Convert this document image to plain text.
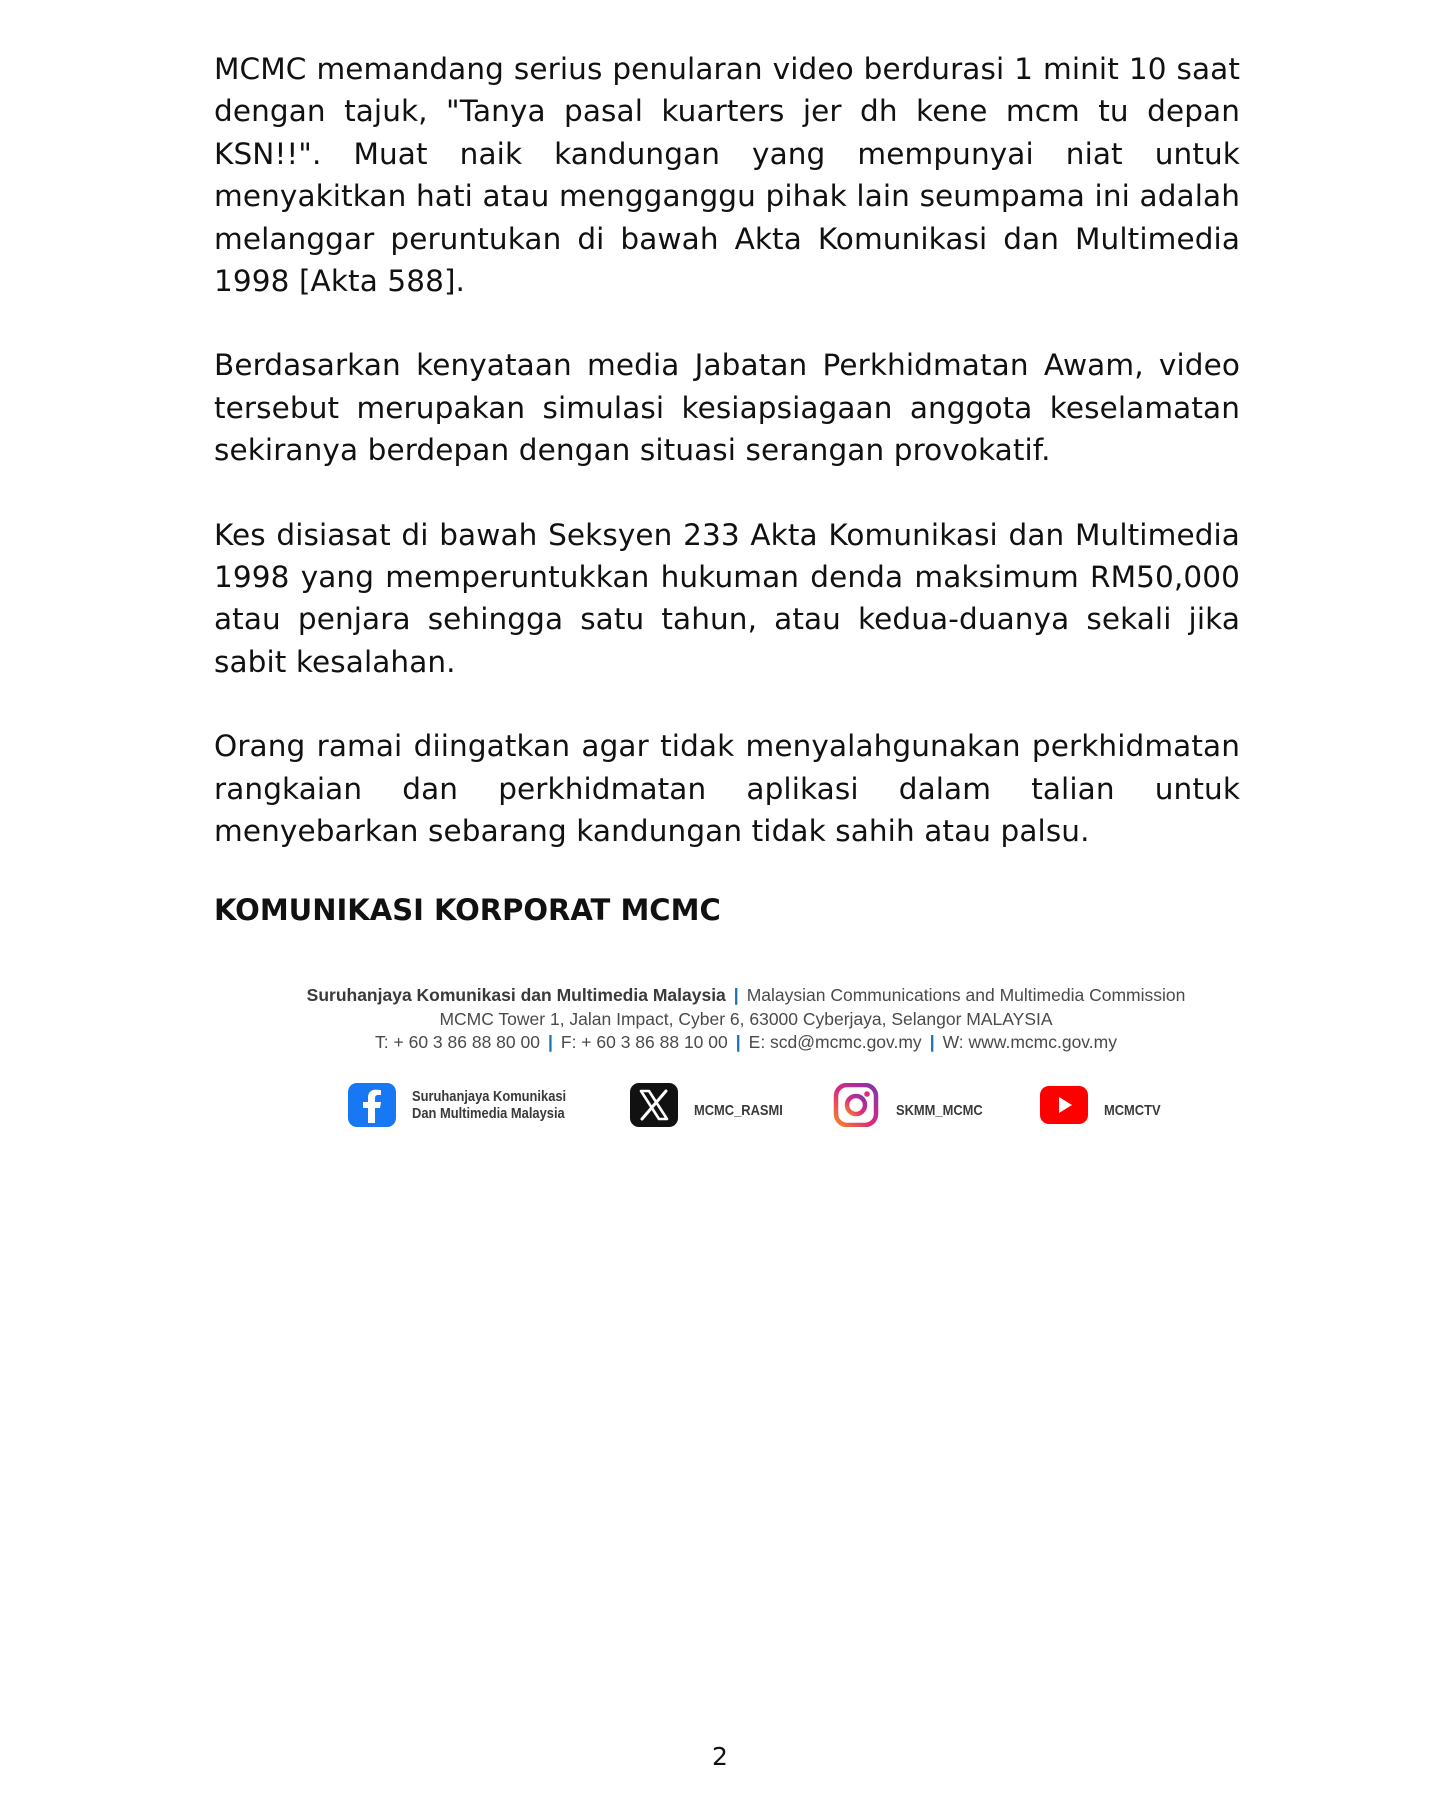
MCMC memandang serius penularan video berdurasi 1 minit 10 saat dengan tajuk, "Tanya pasal kuarters jer dh kene mcm tu depan KSN!!". Muat naik kandungan yang mempunyai niat untuk menyakitkan hati atau mengganggu pihak lain seumpama ini adalah melanggar peruntukan di bawah Akta Komunikasi dan Multimedia 1998 [Akta 588].

Berdasarkan kenyataan media Jabatan Perkhidmatan Awam, video tersebut merupakan simulasi kesiapsiagaan anggota keselamatan sekiranya berdepan dengan situasi serangan provokatif.

Kes disiasat di bawah Seksyen 233 Akta Komunikasi dan Multimedia 1998 yang memperuntukkan hukuman denda maksimum RM50,000 atau penjara sehingga satu tahun, atau kedua-duanya sekali jika sabit kesalahan.

Orang ramai diingatkan agar tidak menyalahgunakan perkhidmatan rangkaian dan perkhidmatan aplikasi dalam talian untuk menyebarkan sebarang kandungan tidak sahih atau palsu.

KOMUNIKASI KORPORAT MCMC

Suruhanjaya Komunikasi dan Multimedia Malaysia | Malaysian Communications and Multimedia Commission
MCMC Tower 1, Jalan Impact, Cyber 6, 63000 Cyberjaya, Selangor MALAYSIA
T: + 60 3 86 88 80 00 | F: + 60 3 86 88 10 00 | E: scd@mcmc.gov.my | W: www.mcmc.gov.my
Suruhanjaya Komunikasi
Dan Multimedia Malaysia	MCMC_RASMI	SKMM_MCMC	MCMCTV
2
